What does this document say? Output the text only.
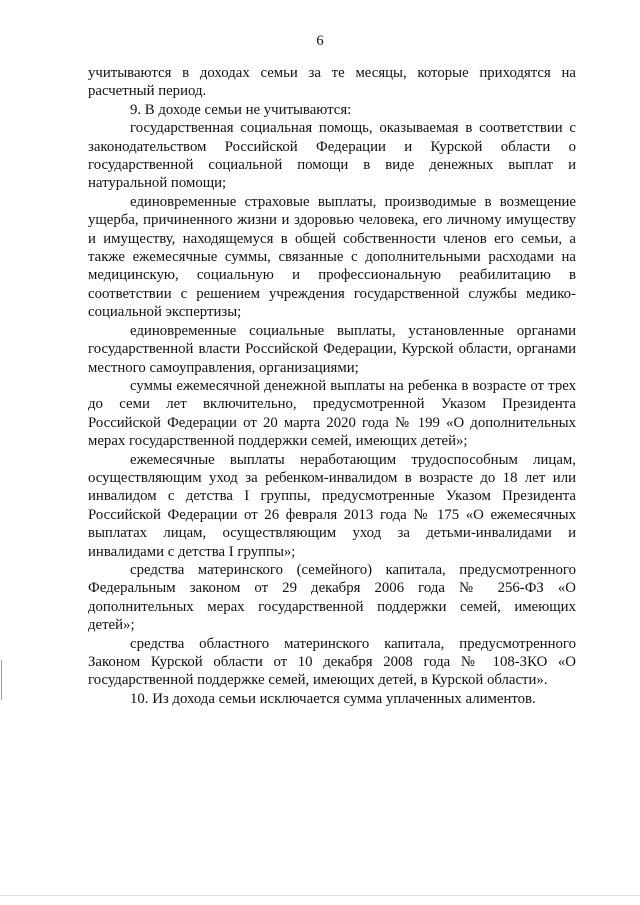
6

учитываются в доходах семьи за те месяцы, которые приходятся на расчетный период.

9. В доходе семьи не учитываются:

государственная социальная помощь, оказываемая в соответствии с законодательством Российской Федерации и Курской области о государственной социальной помощи в виде денежных выплат и натуральной помощи;

единовременные страховые выплаты, производимые в возмещение ущерба, причиненного жизни и здоровью человека, его личному имуществу и имуществу, находящемуся в общей собственности членов его семьи, а также ежемесячные суммы, связанные с дополнительными расходами на медицинскую, социальную и профессиональную реабилитацию в соответствии с решением учреждения государственной службы медико-социальной экспертизы;

единовременные социальные выплаты, установленные органами государственной власти Российской Федерации, Курской области, органами местного самоуправления, организациями;

суммы ежемесячной денежной выплаты на ребенка в возрасте от трех до семи лет включительно, предусмотренной Указом Президента Российской Федерации от 20 марта 2020 года № 199 «О дополнительных мерах государственной поддержки семей, имеющих детей»;

ежемесячные выплаты неработающим трудоспособным лицам, осуществляющим уход за ребенком-инвалидом в возрасте до 18 лет или инвалидом с детства I группы, предусмотренные Указом Президента Российской Федерации от 26 февраля 2013 года № 175 «О ежемесячных выплатах лицам, осуществляющим уход за детьми-инвалидами и инвалидами с детства I группы»;

средства материнского (семейного) капитала, предусмотренного Федеральным законом от 29 декабря 2006 года № 256-ФЗ «О дополнительных мерах государственной поддержки семей, имеющих детей»;

средства областного материнского капитала, предусмотренного Законом Курской области от 10 декабря 2008 года № 108-ЗКО «О государственной поддержке семей, имеющих детей, в Курской области».

10. Из дохода семьи исключается сумма уплаченных алиментов.
